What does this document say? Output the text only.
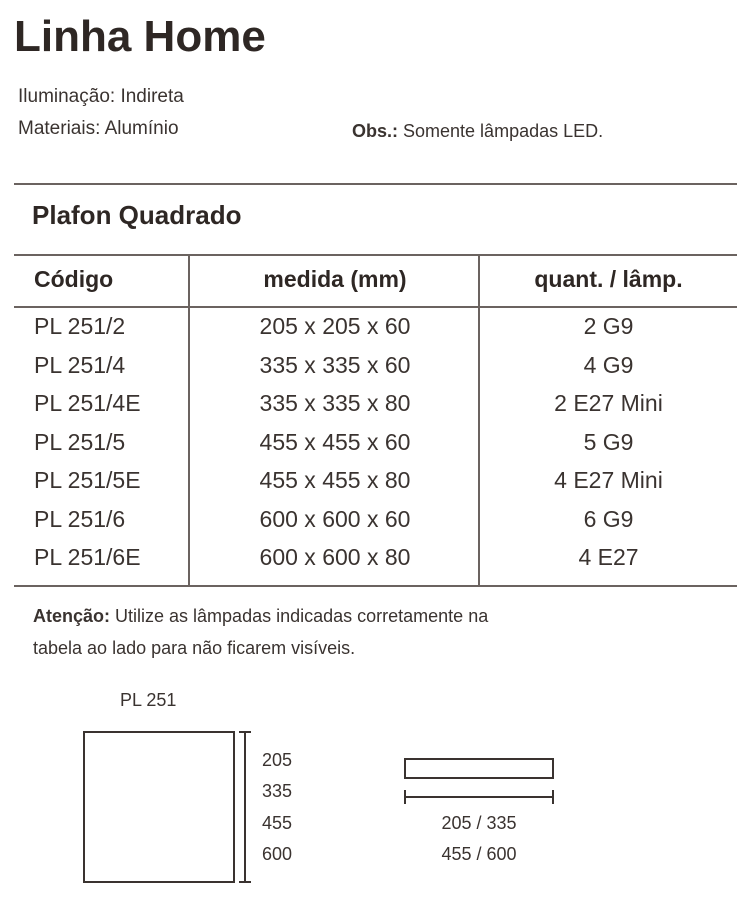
Linha Home
Iluminação: Indireta
Materiais: Alumínio	Obs.: Somente lâmpadas LED.
Plafon Quadrado
Código	medida (mm)	quant. / lâmp.
PL 251/2	205 x 205 x 60	2 G9
PL 251/4	335 x 335 x 60	4 G9
PL 251/4E	335 x 335 x 80	2 E27 Mini
PL 251/5	455 x 455 x 60	5 G9
PL 251/5E	455 x 455 x 80	4 E27 Mini
PL 251/6	600 x 600 x 60	6 G9
PL 251/6E	600 x 600 x 80	4 E27
Atenção: Utilize as lâmpadas indicadas corretamente na
tabela ao lado para não ficarem visíveis.
PL 251
205
335
455
600
205 / 335
455 / 600
